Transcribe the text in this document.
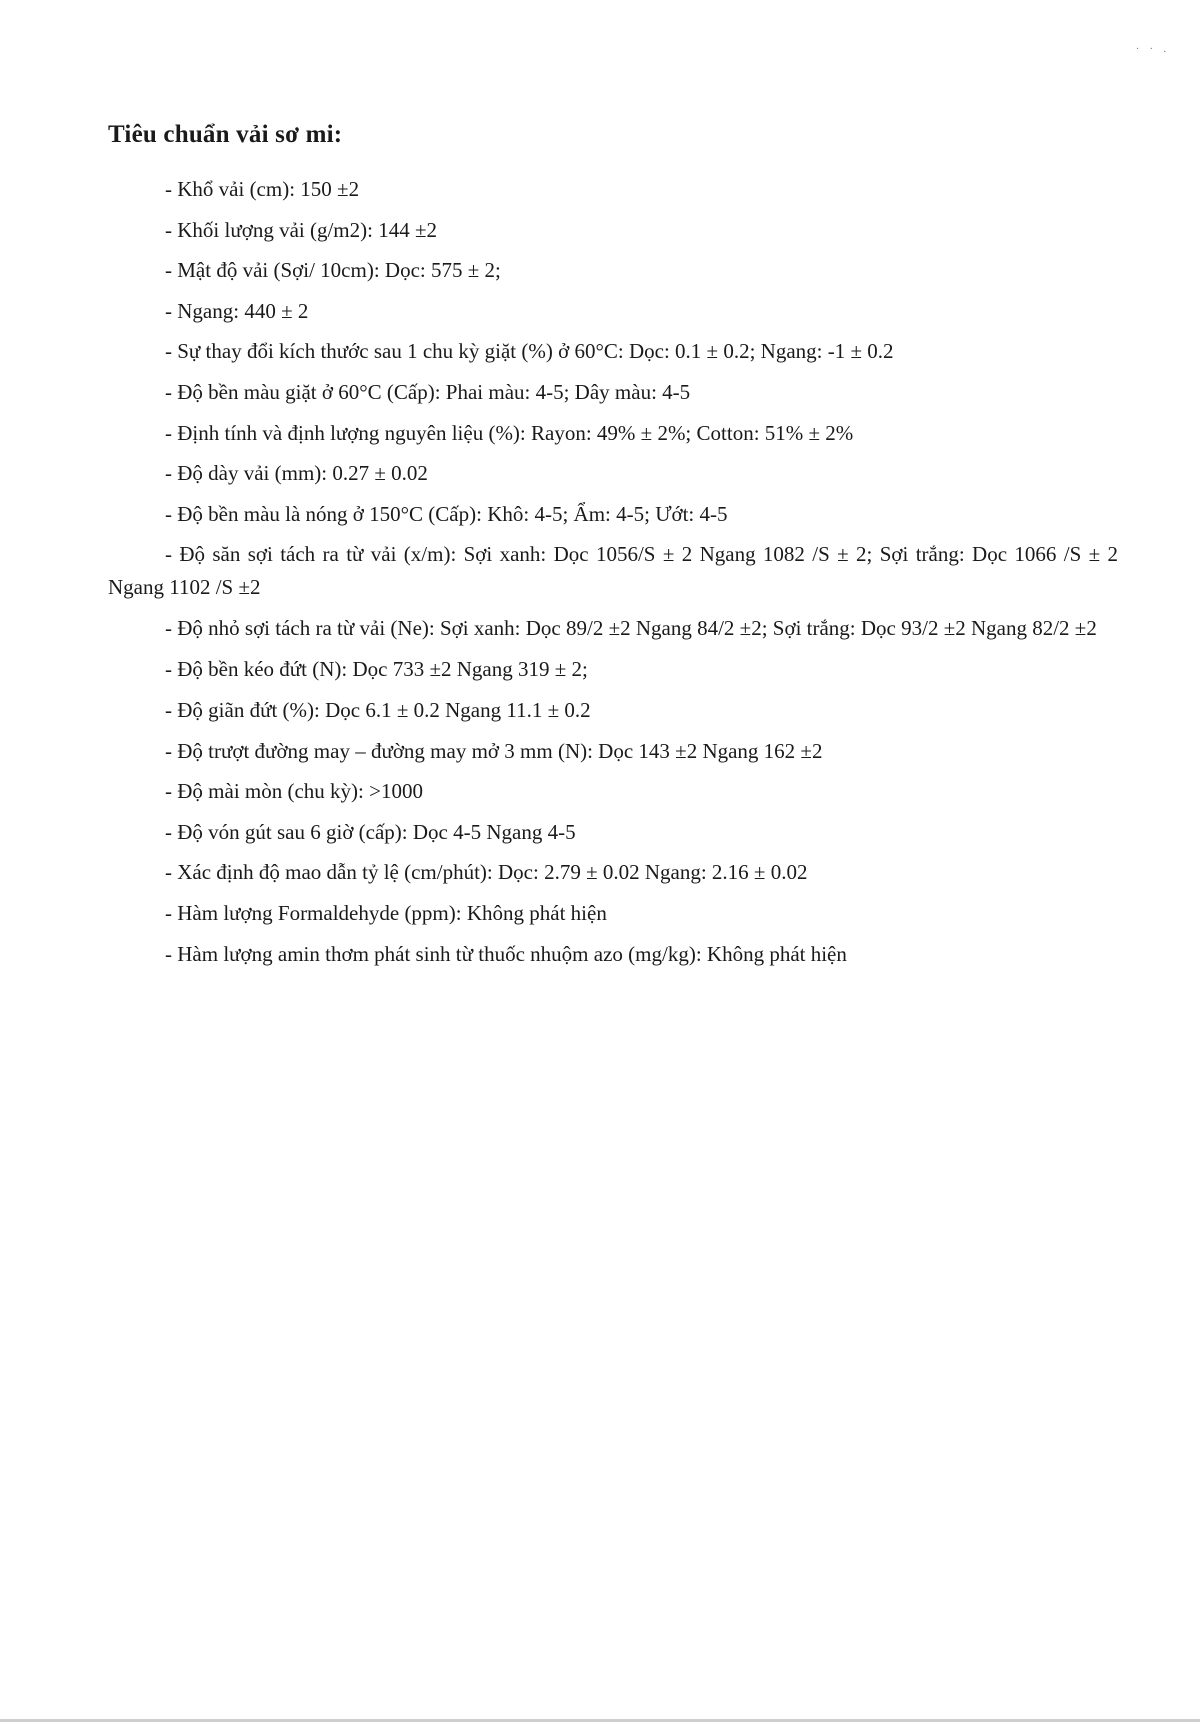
· · .
Tiêu chuẩn vải sơ mi:

- Khổ vải (cm): 150 ±2

- Khối lượng vải (g/m2): 144 ±2

- Mật độ vải (Sợi/ 10cm): Dọc: 575 ± 2;

- Ngang: 440 ± 2

- Sự thay đổi kích thước sau 1 chu kỳ giặt (%) ở 60°C: Dọc: 0.1 ± 0.2; Ngang: -1 ± 0.2

- Độ bền màu giặt ở 60°C (Cấp): Phai màu: 4-5; Dây màu: 4-5

- Định tính và định lượng nguyên liệu (%): Rayon: 49% ± 2%; Cotton: 51% ± 2%

- Độ dày vải (mm): 0.27 ± 0.02

- Độ bền màu là nóng ở 150°C (Cấp): Khô: 4-5; Ẩm: 4-5; Ướt: 4-5

- Độ săn sợi tách ra từ vải (x/m): Sợi xanh: Dọc 1056/S ± 2 Ngang 1082 /S ± 2; Sợi trắng: Dọc 1066 /S ± 2 Ngang 1102 /S ±2

- Độ nhỏ sợi tách ra từ vải (Ne): Sợi xanh: Dọc 89/2 ±2 Ngang 84/2 ±2; Sợi trắng: Dọc 93/2 ±2 Ngang 82/2 ±2

- Độ bền kéo đứt (N): Dọc 733 ±2 Ngang 319 ± 2;

- Độ giãn đứt (%): Dọc 6.1 ± 0.2 Ngang 11.1 ± 0.2

- Độ trượt đường may – đường may mở 3 mm (N): Dọc 143 ±2 Ngang 162 ±2

- Độ mài mòn (chu kỳ): >1000

- Độ vón gút sau 6 giờ (cấp): Dọc 4-5 Ngang 4-5

- Xác định độ mao dẫn tỷ lệ (cm/phút): Dọc: 2.79 ± 0.02 Ngang: 2.16 ± 0.02

- Hàm lượng Formaldehyde (ppm): Không phát hiện

- Hàm lượng amin thơm phát sinh từ thuốc nhuộm azo (mg/kg): Không phát hiện
